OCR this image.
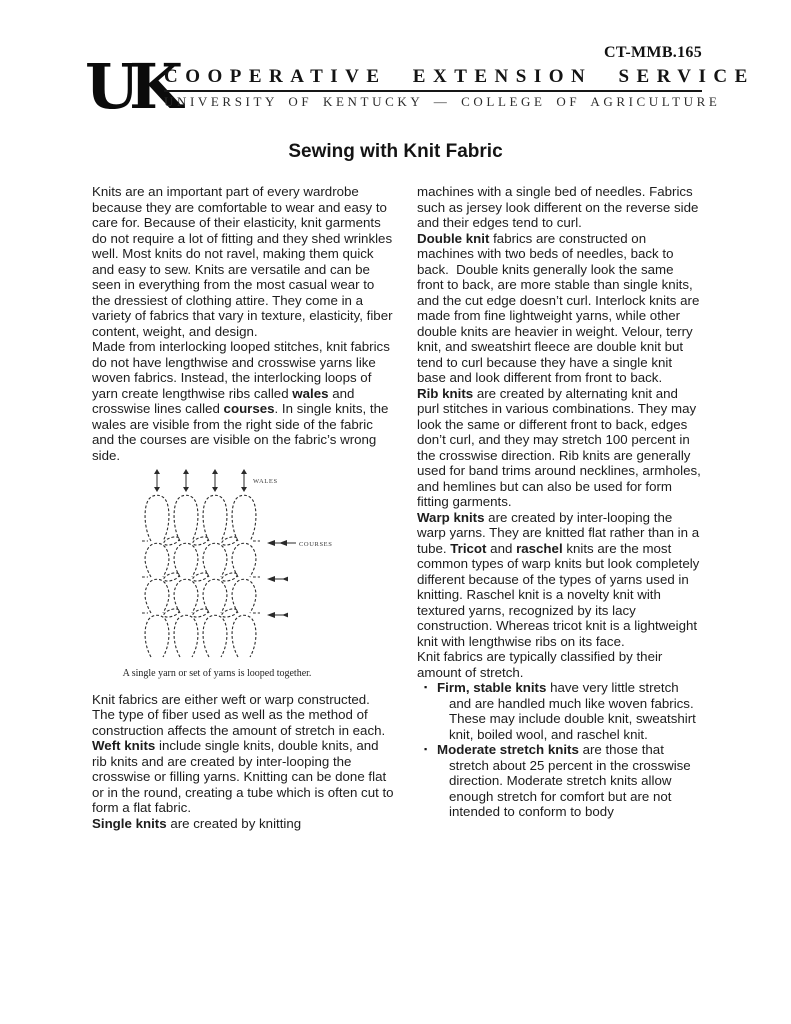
CT-MMB.165
UK
COOPERATIVE EXTENSION SERVICE
UNIVERSITY OF KENTUCKY — COLLEGE OF AGRICULTURE
Sewing with Knit Fabric

Knits are an important part of every wardrobe because they are comfortable to wear and easy to care for. Because of their elasticity, knit garments do not require a lot of fitting and they shed wrinkles well. Most knits do not ravel, making them quick and easy to sew. Knits are versatile and can be seen in everything from the most casual wear to the dressiest of clothing attire. They come in a variety of fabrics that vary in texture, elasticity, fiber content, weight, and design.

Made from interlocking looped stitches, knit fabrics do not have lengthwise and crosswise yarns like woven fabrics. Instead, the interlocking loops of yarn create lengthwise ribs called wales and crosswise lines called courses. In single knits, the wales are visible from the right side of the fabric and the courses are visible on the fabric’s wrong side.

WALES
COURSES
A single yarn or set of yarns is looped together.

Knit fabrics are either weft or warp constructed. The type of fiber used as well as the method of construction affects the amount of stretch in each. Weft knits include single knits, double knits, and rib knits and are created by inter-looping the crosswise or filling yarns. Knitting can be done flat or in the round, creating a tube which is often cut to form a flat fabric.

Single knits are created by knitting

machines with a single bed of needles. Fabrics such as jersey look different on the reverse side and their edges tend to curl.

Double knit fabrics are constructed on machines with two beds of needles, back to back.  Double knits generally look the same front to back, are more stable than single knits, and the cut edge doesn’t curl. Interlock knits are made from fine lightweight yarns, while other double knits are heavier in weight. Velour, terry knit, and sweatshirt fleece are double knit but tend to curl because they have a single knit base and look different from front to back.

Rib knits are created by alternating knit and purl stitches in various combinations. They may look the same or different front to back, edges don’t curl, and they may stretch 100 percent in the crosswise direction. Rib knits are generally used for band trims around necklines, armholes, and hemlines but can also be used for form fitting garments.

Warp knits are created by inter-looping the warp yarns. They are knitted flat rather than in a tube. Tricot and raschel knits are the most common types of warp knits but look completely different because of the types of yarns used in knitting. Raschel knit is a novelty knit with textured yarns, recognized by its lacy construction. Whereas tricot knit is a lightweight knit with lengthwise ribs on its face.

Knit fabrics are typically classified by their amount of stretch.

▪ Firm, stable knits have very little stretch and are handled much like woven fabrics. These may include double knit, sweatshirt knit, boiled wool, and raschel knit.
▪ Moderate stretch knits are those that stretch about 25 percent in the crosswise direction. Moderate stretch knits allow enough stretch for comfort but are not intended to conform to body
